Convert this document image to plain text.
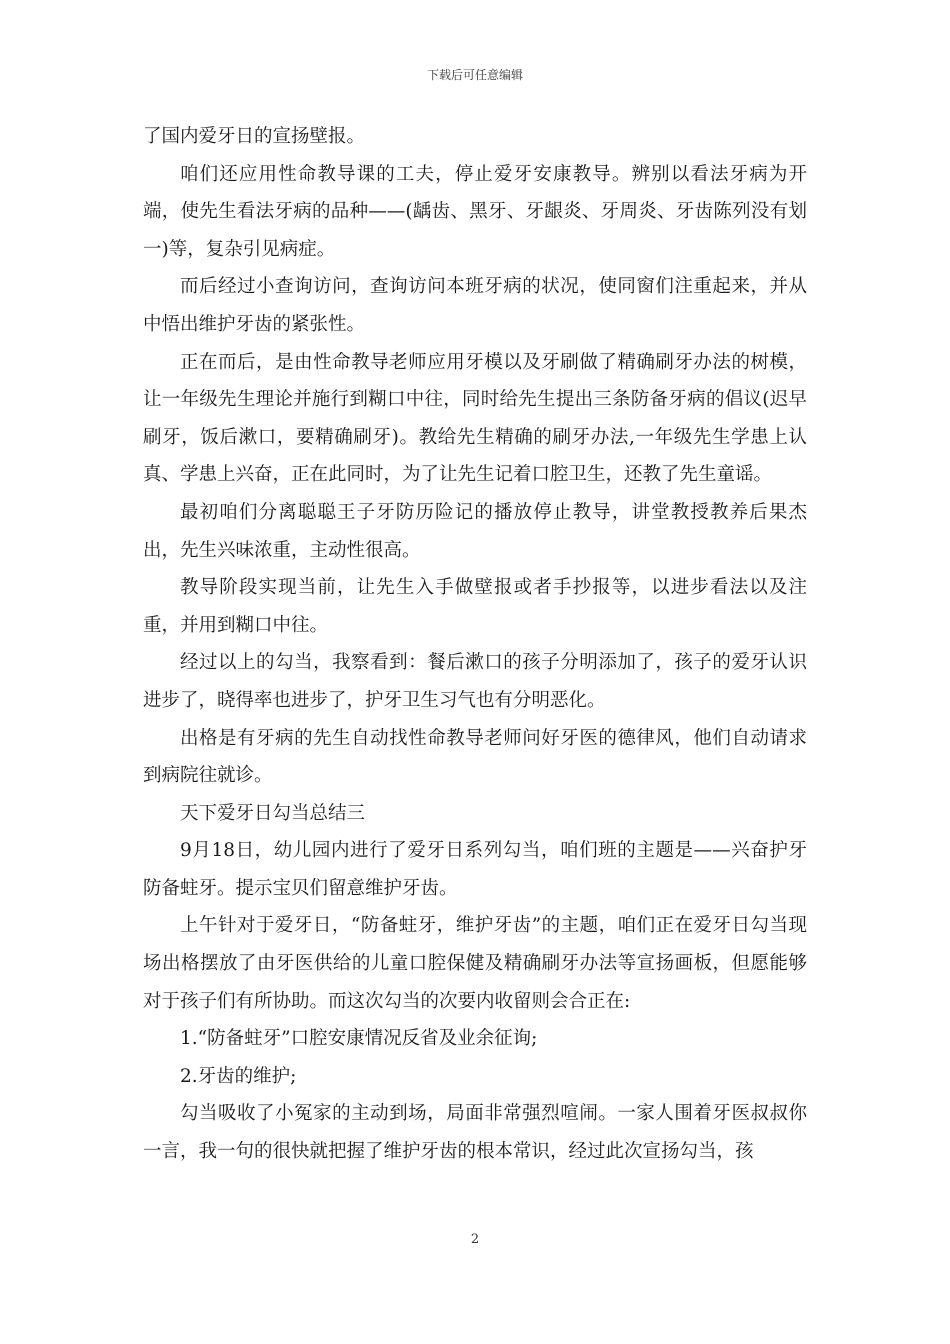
下载后可任意编辑

了国内爱牙日的宣扬壁报。

咱们还应用性命教导课的工夫，停止爱牙安康教导。辨别以看法牙病为开端，使先生看法牙病的品种——(龋齿、黑牙、牙龈炎、牙周炎、牙齿陈列没有划一)等，复杂引见病症。

而后经过小查询访问，查询访问本班牙病的状况，使同窗们注重起来，并从中悟出维护牙齿的紧张性。

正在而后，是由性命教导老师应用牙模以及牙刷做了精确刷牙办法的树模，让一年级先生理论并施行到糊口中往，同时给先生提出三条防备牙病的倡议(迟早刷牙，饭后漱口，要精确刷牙)。教给先生精确的刷牙办法,一年级先生学患上认真、学患上兴奋，正在此同时，为了让先生记着口腔卫生，还教了先生童谣。

最初咱们分离聪聪王子牙防历险记的播放停止教导，讲堂教授教养后果杰出，先生兴味浓重，主动性很高。

教导阶段实现当前，让先生入手做壁报或者手抄报等，以进步看法以及注重，并用到糊口中往。

经过以上的勾当，我察看到：餐后漱口的孩子分明添加了，孩子的爱牙认识进步了，晓得率也进步了，护牙卫生习气也有分明恶化。

出格是有牙病的先生自动找性命教导老师问好牙医的德律风，他们自动请求到病院往就诊。

天下爱牙日勾当总结三

9月18日，幼儿园内进行了爱牙日系列勾当，咱们班的主题是——兴奋护牙防备蛀牙。提示宝贝们留意维护牙齿。

上午针对于爱牙日，“防备蛀牙，维护牙齿”的主题，咱们正在爱牙日勾当现场出格摆放了由牙医供给的儿童口腔保健及精确刷牙办法等宣扬画板，但愿能够对于孩子们有所协助。而这次勾当的次要内收留则会合正在:

1.“防备蛀牙”口腔安康情况反省及业余征询;

2.牙齿的维护;

勾当吸收了小冤家的主动到场，局面非常强烈喧闹。一家人围着牙医叔叔你一言，我一句的很快就把握了维护牙齿的根本常识，经过此次宣扬勾当，孩

2
